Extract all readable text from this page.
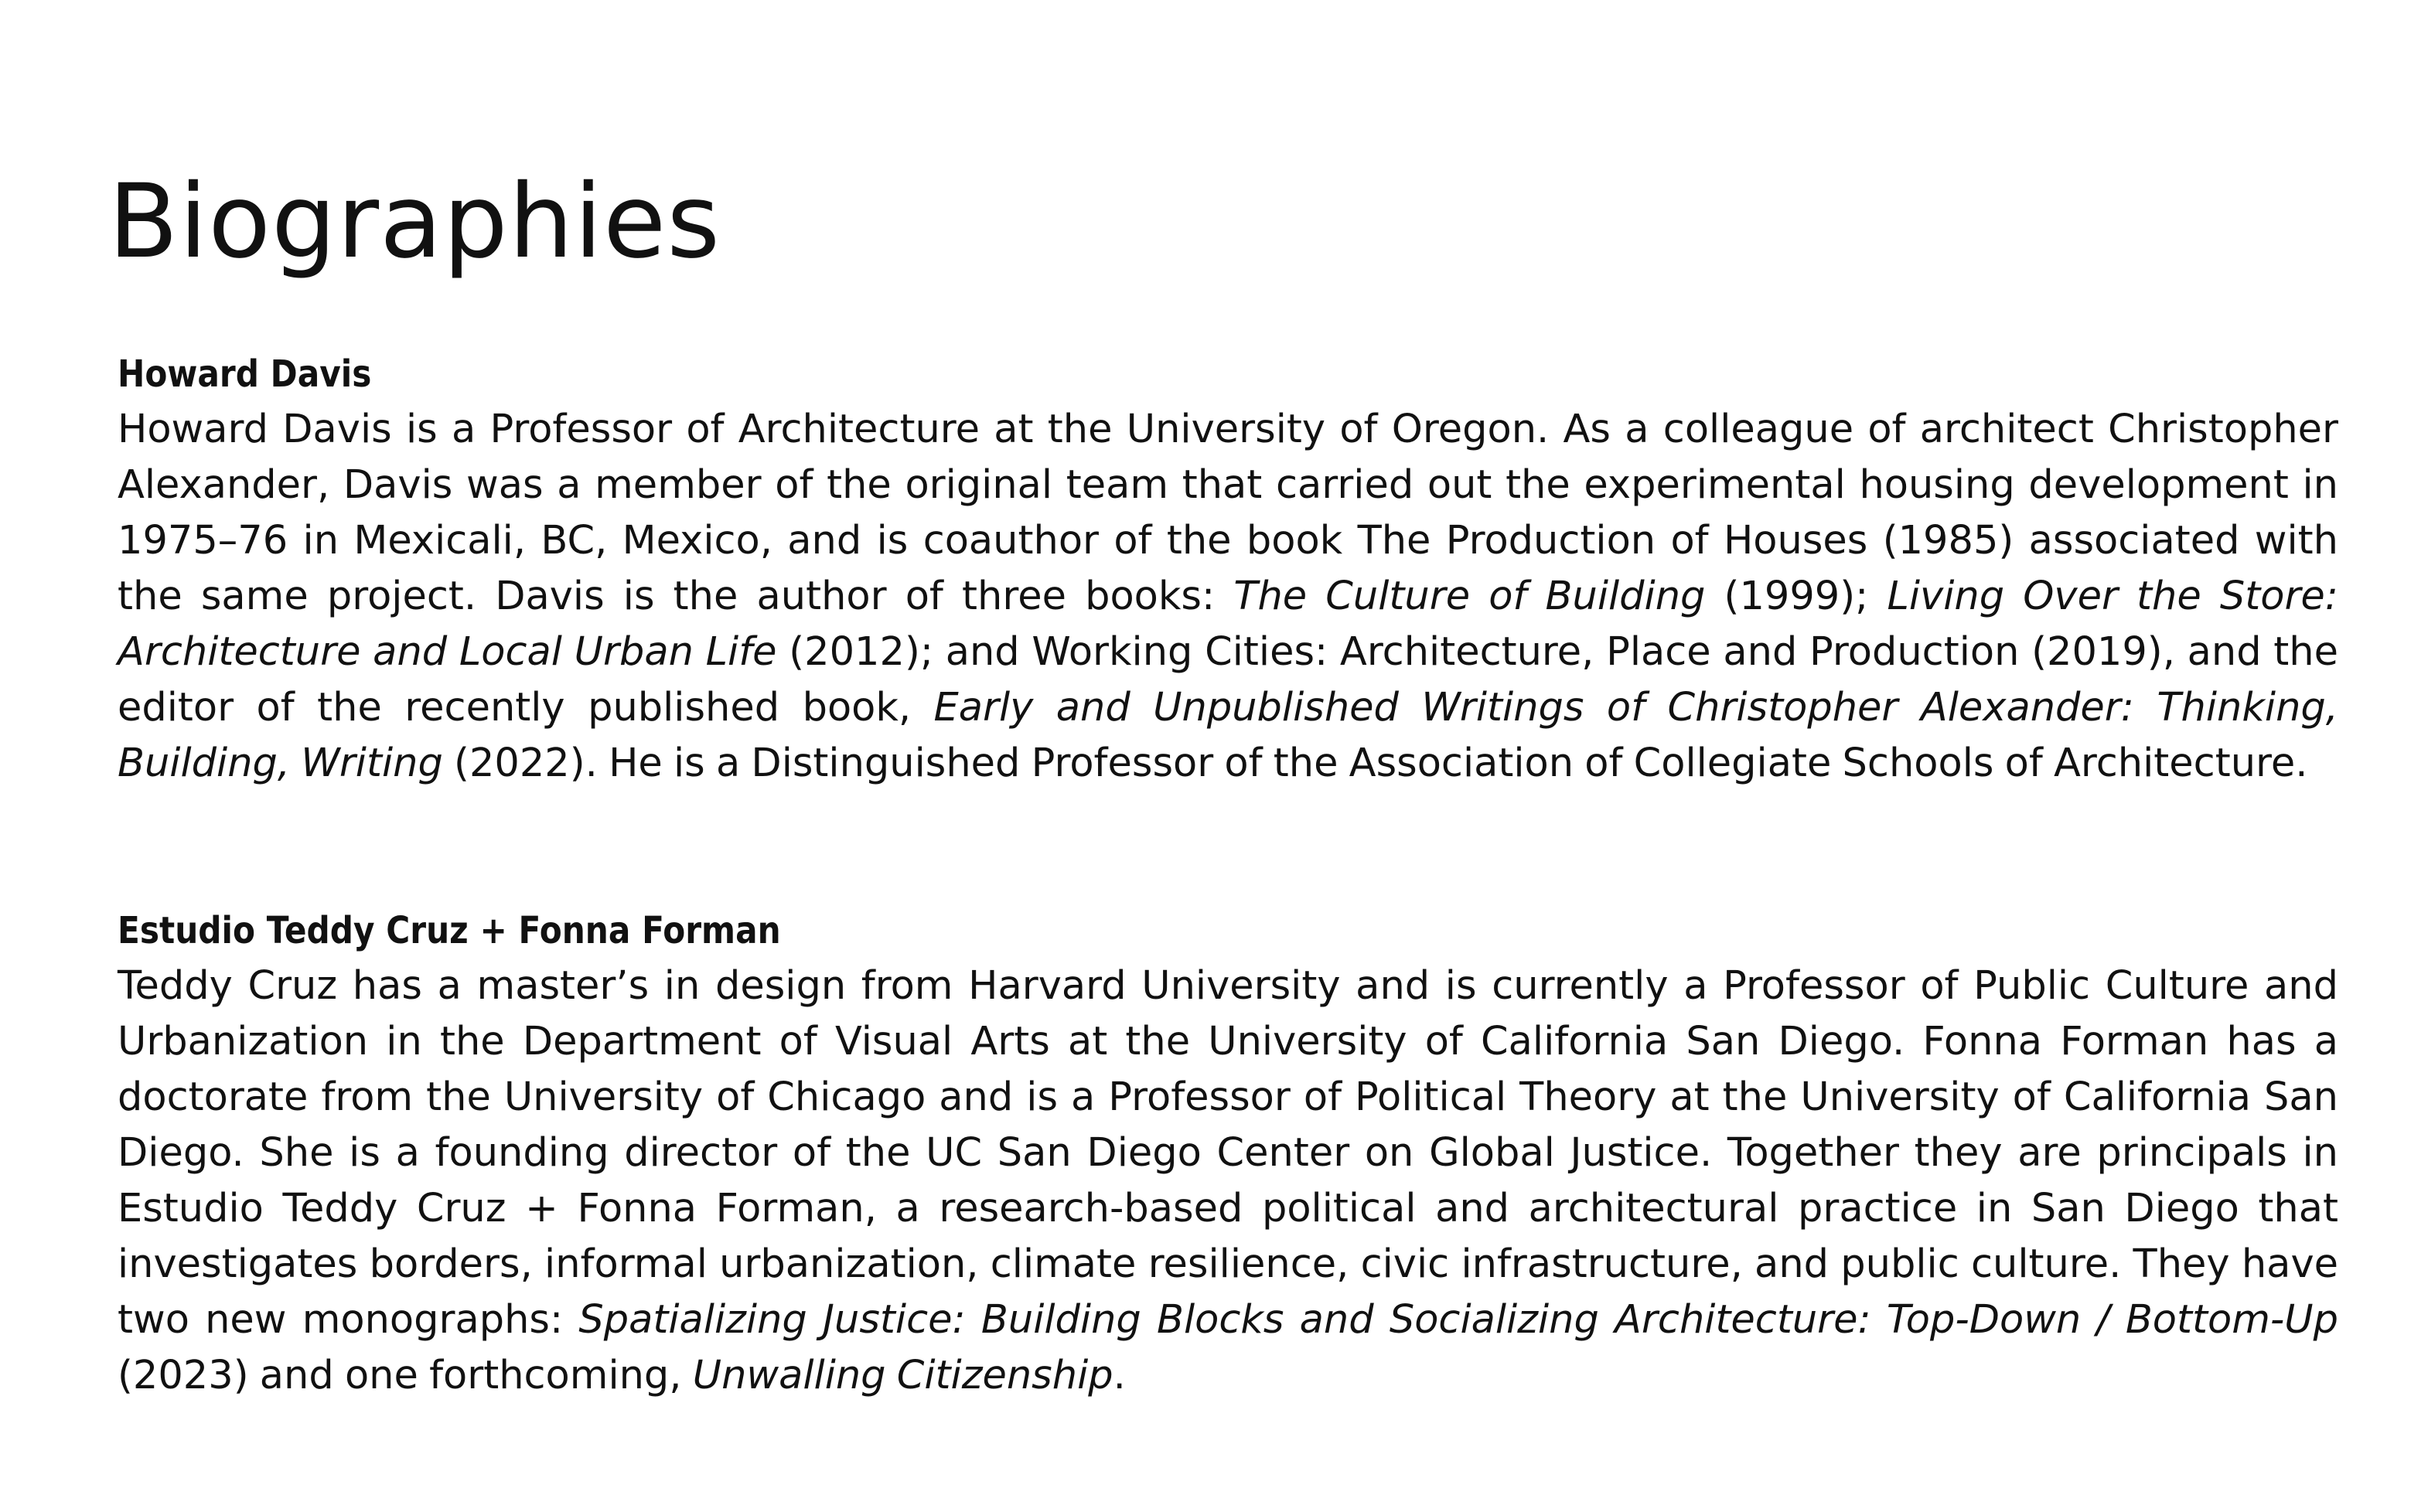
Biographies
Howard Davis

Howard Davis is a Professor of Architecture at the University of Oregon. As a colleague of architect Christopher Alexander, Davis was a member of the original team that carried out the experimental housing development in 1975–76 in Mexicali, BC, Mexico, and is coauthor of the book The Production of Houses (1985) associated with the same project. Davis is the author of three books: The Culture of Building (1999); Living Over the Store: Architecture and Local Urban Life (2012); and Working Cities: Architecture, Place and Production (2019), and the editor of the recently published book, Early and Unpublished Writings of Christopher Alexander: Thinking, Building, Writing (2022). He is a Distinguished Professor of the Association of Collegiate Schools of Architecture.

Estudio Teddy Cruz + Fonna Forman

Teddy Cruz has a master’s in design from Harvard University and is currently a Professor of Public Culture and Urbanization in the Department of Visual Arts at the University of California San Diego. Fonna Forman has a doctorate from the University of Chicago and is a Professor of Political Theory at the University of California San Diego. She is a founding director of the UC San Diego Center on Global Justice. Together they are principals in Estudio Teddy Cruz + Fonna Forman, a research-based political and architectural practice in San Diego that investigates borders, informal urbanization, climate resilience, civic infrastructure, and public culture. They have two new monographs: Spatializing Justice: Building Blocks and Socializing Architecture: Top-Down / Bottom-Up (2023) and one forthcoming, Unwalling Citizenship.
